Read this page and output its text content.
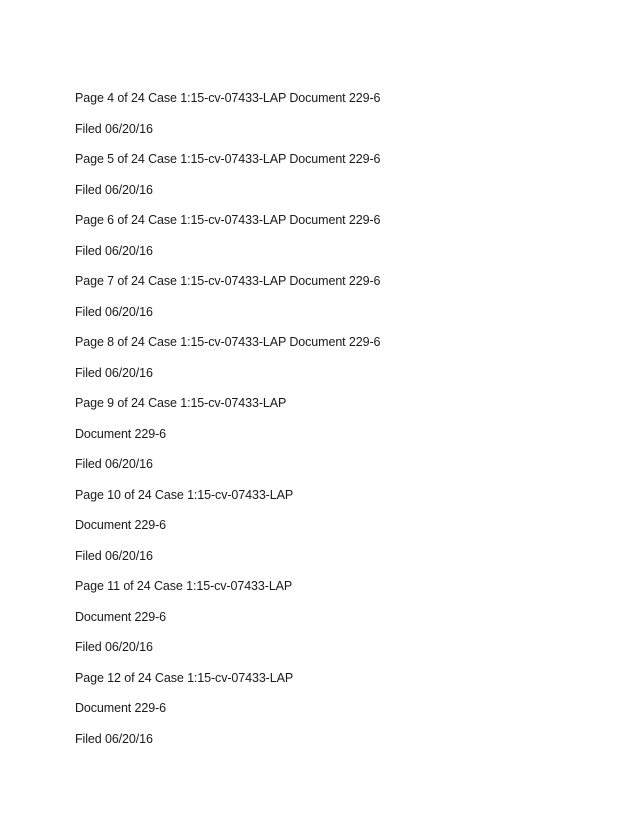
Page 4 of 24 Case 1:15-cv-07433-LAP Document 229-6
Filed 06/20/16
Page 5 of 24 Case 1:15-cv-07433-LAP Document 229-6
Filed 06/20/16
Page 6 of 24 Case 1:15-cv-07433-LAP Document 229-6
Filed 06/20/16
Page 7 of 24 Case 1:15-cv-07433-LAP Document 229-6
Filed 06/20/16
Page 8 of 24 Case 1:15-cv-07433-LAP Document 229-6
Filed 06/20/16
Page 9 of 24 Case 1:15-cv-07433-LAP
Document 229-6
Filed 06/20/16
Page 10 of 24 Case 1:15-cv-07433-LAP
Document 229-6
Filed 06/20/16
Page 11 of 24 Case 1:15-cv-07433-LAP
Document 229-6
Filed 06/20/16
Page 12 of 24 Case 1:15-cv-07433-LAP
Document 229-6
Filed 06/20/16
